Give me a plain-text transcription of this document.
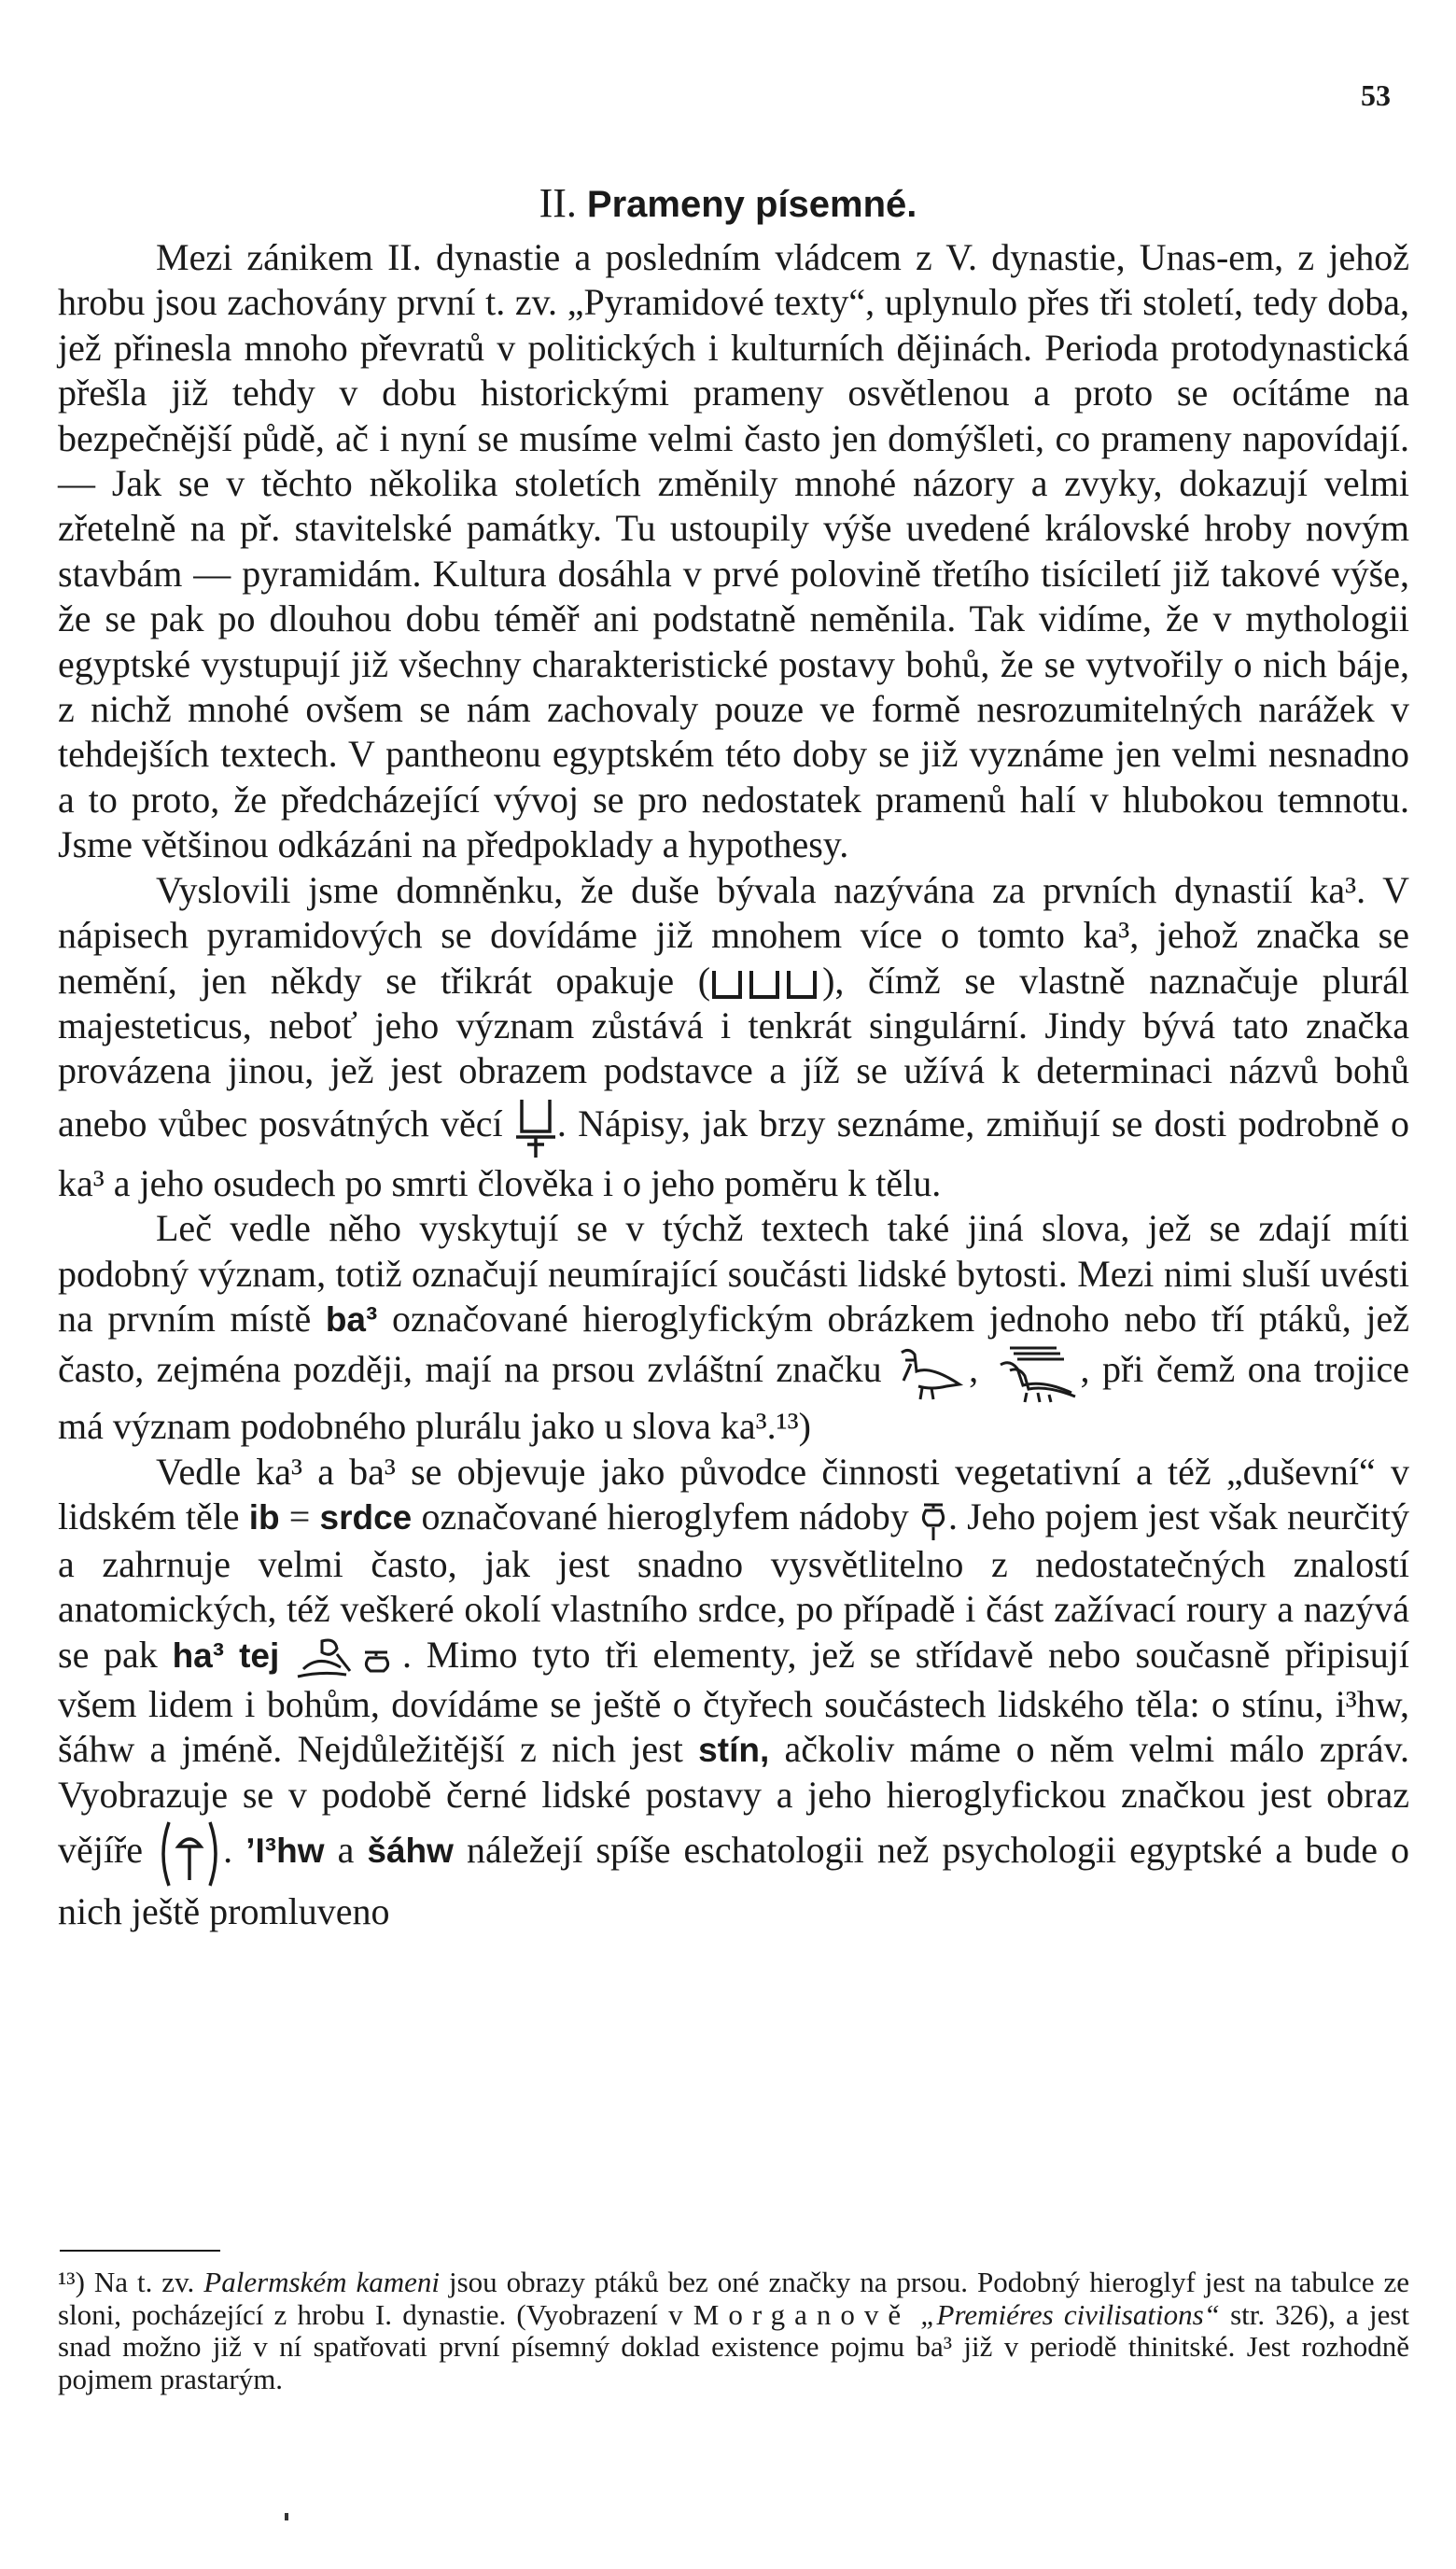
53
II. Prameny písemné.

Mezi zánikem II. dynastie a posledním vládcem z V. dynastie, Unas-em, z jehož hrobu jsou zachovány první t. zv. „Pyramidové texty“, uplynulo přes tři století, tedy doba, jež přinesla mnoho převratů v politických i kulturních dějinách. Perioda protodynastická přešla již tehdy v dobu historickými prameny osvětlenou a proto se ocítáme na bezpečnější půdě, ač i nyní se musíme velmi často jen domýšleti, co prameny napovídají. — Jak se v těchto několika stoletích změnily mnohé názory a zvyky, dokazují velmi zřetelně na př. stavitelské památky. Tu ustoupily výše uvedené královské hroby novým stavbám — pyramidám. Kultura dosáhla v prvé polovině třetího tisíciletí již takové výše, že se pak po dlouhou dobu téměř ani podstatně neměnila. Tak vidíme, že v mythologii egyptské vystupují již všechny charakteristické postavy bohů, že se vytvořily o nich báje, z nichž mnohé ovšem se nám zachovaly pouze ve formě nesrozumitelných narážek v tehdejších textech. V pantheonu egyptském této doby se již vyznáme jen velmi nesnadno a to proto, že předcházející vývoj se pro nedostatek pramenů halí v hlubokou temnotu. Jsme většinou odkázáni na předpoklady a hypothesy.

Vyslovili jsme domněnku, že duše bývala nazývána za prvních dynastií ka³. V nápisech pyramidových se dovídáme již mnohem více o tomto ka³, jehož značka se nemění, jen někdy se třikrát opakuje (	), čímž se vlastně naznačuje plurál majesteticus, neboť jeho význam zůstává i tenkrát singulární. Jindy bývá tato značka provázena jinou, jež jest obrazem podstavce a jíž se užívá k determinaci názvů bohů anebo vůbec posvátných věcí . Nápisy, jak brzy seznáme, zmiňují se dosti podrobně o ka³ a jeho osudech po smrti člověka i o jeho poměru k tělu.

Leč vedle něho vyskytují se v týchž textech také jiná slova, jež se zdají míti podobný význam, totiž označují neumírající součásti lidské bytosti. Mezi nimi sluší uvésti na prvním místě ba³ označované hieroglyfickým obrázkem jednoho nebo tří ptáků, jež často, zejména později, mají na prsou zvláštní značku ,	, při čemž ona trojice má význam podobného plurálu jako u slova ka³.¹³)

Vedle ka³ a ba³ se objevuje jako původce činnosti vegetativní a též „duševní“ v lidském těle ib = srdce označované hieroglyfem nádoby . Jeho pojem jest však neurčitý a zahrnuje velmi často, jak jest snadno vysvětlitelno z nedostatečných znalostí anatomických, též veškeré okolí vlastního srdce, po případě i část zažívací roury a nazývá se pak ha³ tej	. Mimo tyto tři elementy, jež se střídavě nebo současně připisují všem lidem i bohům, dovídáme se ještě o čtyřech součástech lidského těla: o stínu, i³hw, šáhw a jméně. Nejdůležitější z nich jest stín, ačkoliv máme o něm velmi málo zpráv. Vyobrazuje se v podobě černé lidské postavy a jeho hieroglyfickou značkou jest obraz vějíře . ’I³hw a šáhw náležejí spíše eschatologii než psychologii egyptské a bude o nich ještě promluveno

¹³) Na t. zv. Palermském kameni jsou obrazy ptáků bez oné značky na prsou. Podobný hieroglyf jest na tabulce ze sloni, pocházející z hrobu I. dynastie. (Vyobrazení v Morganově „Premiéres civilisations“ str. 326), a jest snad možno již v ní spatřovati první písemný doklad existence pojmu ba³ již v periodě thinitské. Jest rozhodně pojmem prastarým.
